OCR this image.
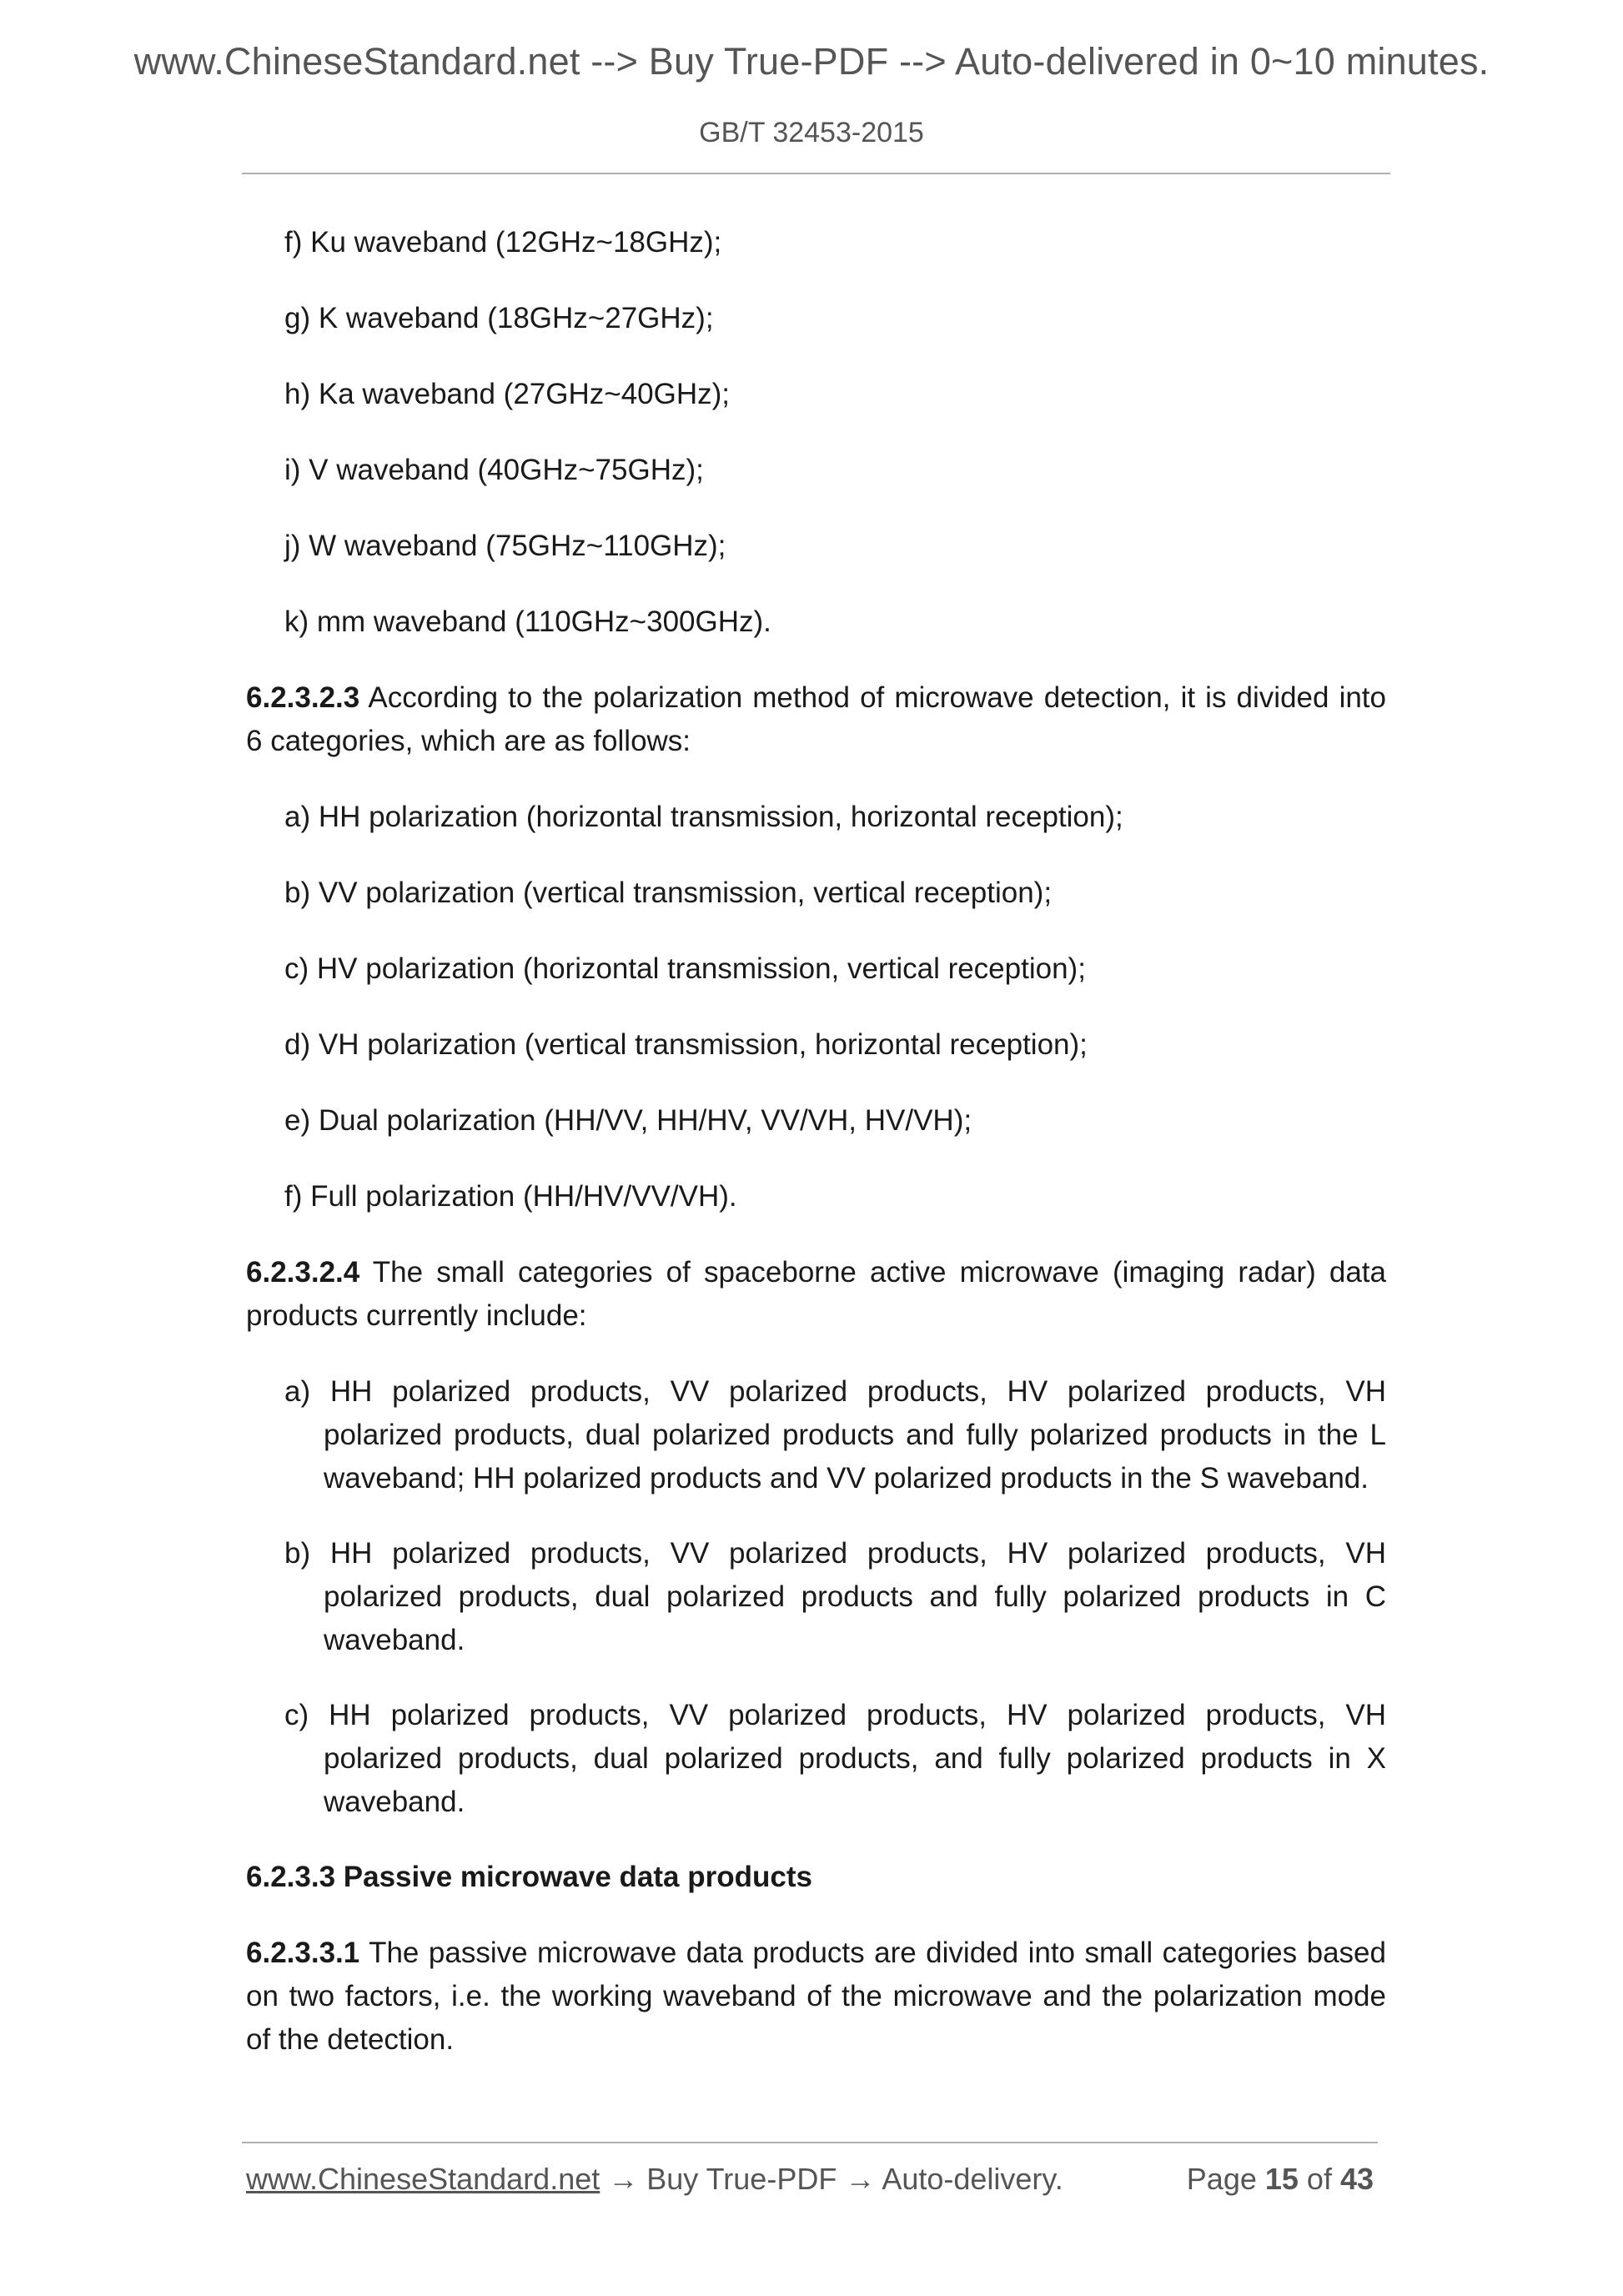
www.ChineseStandard.net --> Buy True-PDF --> Auto-delivered in 0~10 minutes.
GB/T 32453-2015
f) Ku waveband (12GHz~18GHz);
g) K waveband (18GHz~27GHz);
h) Ka waveband (27GHz~40GHz);
i) V waveband (40GHz~75GHz);
j) W waveband (75GHz~110GHz);
k) mm waveband (110GHz~300GHz).
6.2.3.2.3 According to the polarization method of microwave detection, it is divided into 6 categories, which are as follows:
a) HH polarization (horizontal transmission, horizontal reception);
b) VV polarization (vertical transmission, vertical reception);
c) HV polarization (horizontal transmission, vertical reception);
d) VH polarization (vertical transmission, horizontal reception);
e) Dual polarization (HH/VV, HH/HV, VV/VH, HV/VH);
f) Full polarization (HH/HV/VV/VH).
6.2.3.2.4 The small categories of spaceborne active microwave (imaging radar) data products currently include:
a) HH polarized products, VV polarized products, HV polarized products, VH polarized products, dual polarized products and fully polarized products in the L waveband; HH polarized products and VV polarized products in the S waveband.
b) HH polarized products, VV polarized products, HV polarized products, VH polarized products, dual polarized products and fully polarized products in C waveband.
c) HH polarized products, VV polarized products, HV polarized products, VH polarized products, dual polarized products, and fully polarized products in X waveband.
6.2.3.3 Passive microwave data products
6.2.3.3.1 The passive microwave data products are divided into small categories based on two factors, i.e. the working waveband of the microwave and the polarization mode of the detection.
www.ChineseStandard.net → Buy True-PDF → Auto-delivery.	Page 15 of 43
